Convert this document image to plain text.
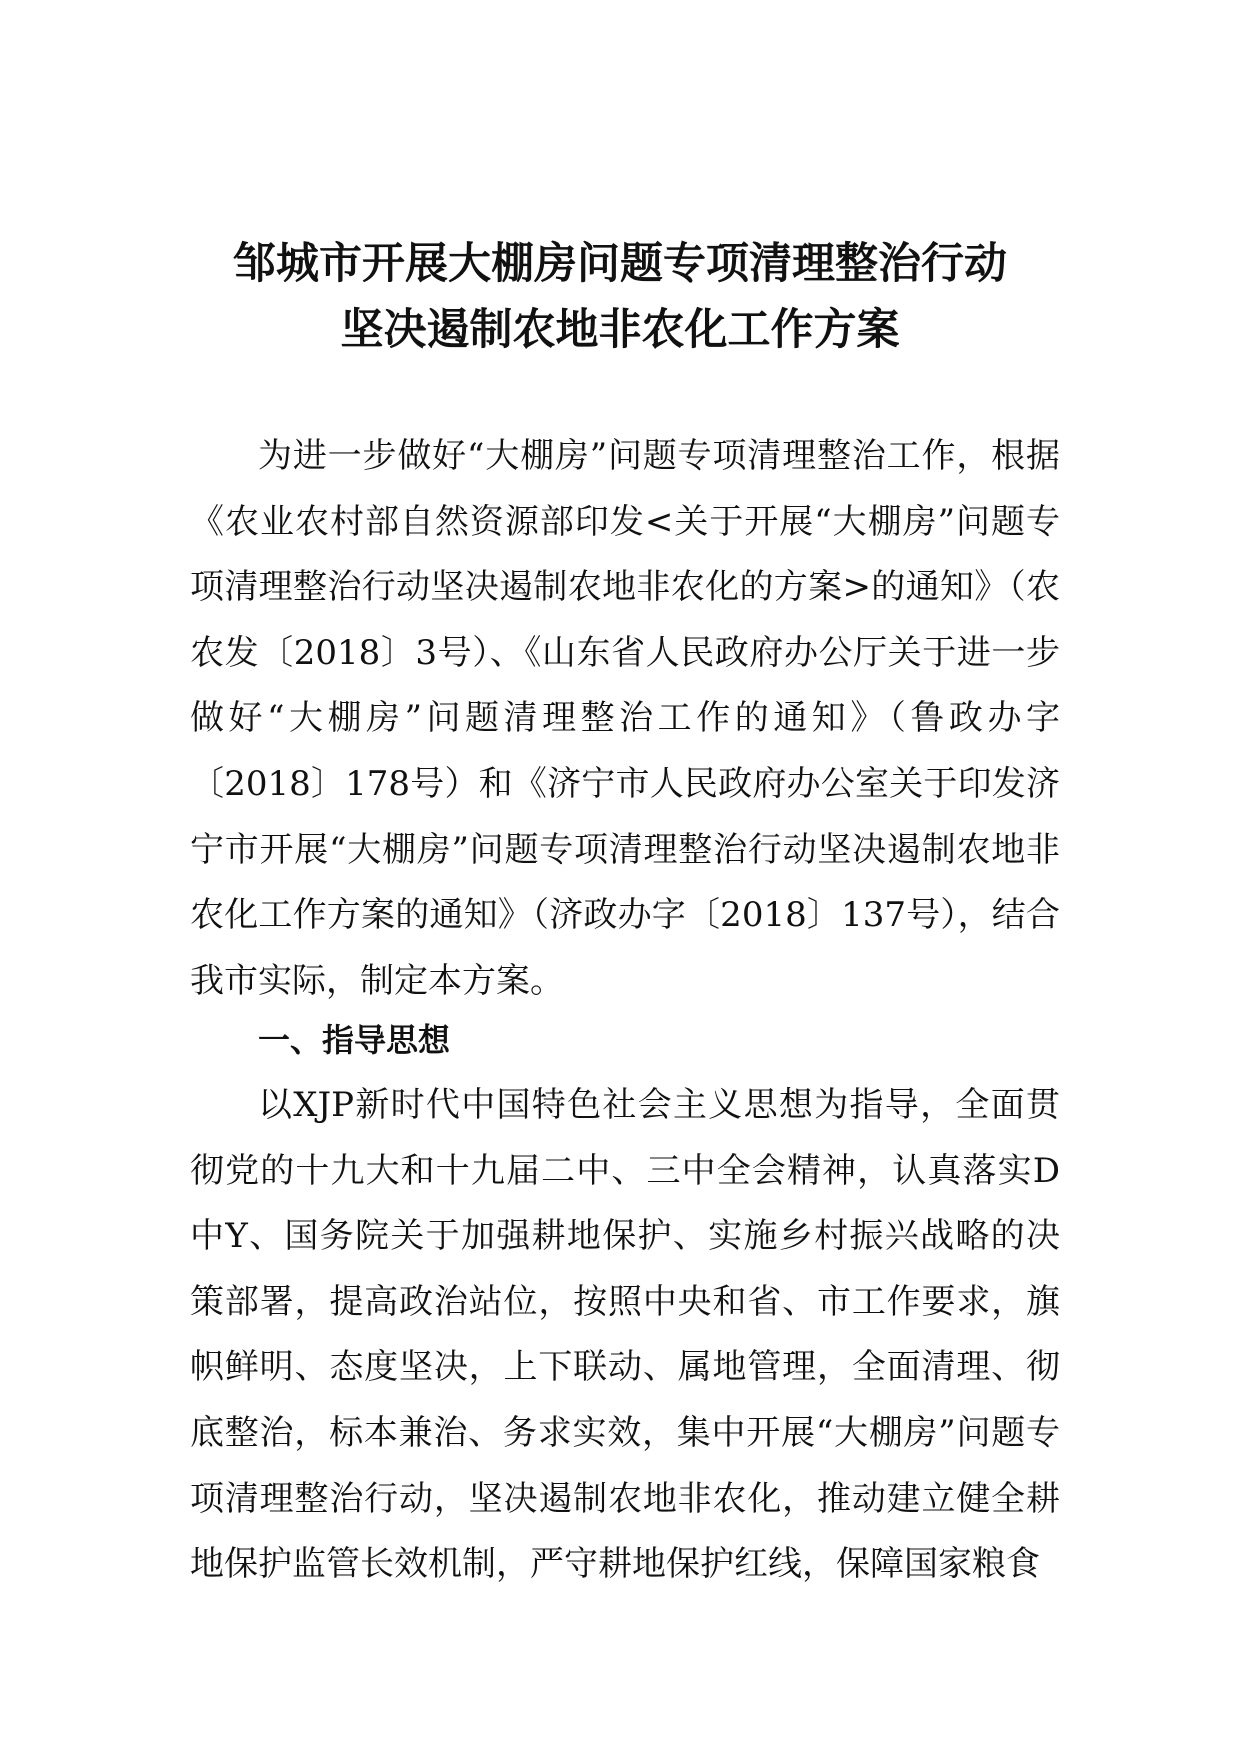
邹城市开展大棚房问题专项清理整治行动
坚决遏制农地非农化工作方案

为进一步做好“大棚房”问题专项清理整治工作，根据《农业农村部自然资源部印发<关于开展“大棚房”问题专项清理整治行动坚决遏制农地非农化的方案>的通知》（农农发〔2018〕3号）、《山东省人民政府办公厅关于进一步做好“大棚房”问题清理整治工作的通知》（鲁政办字〔2018〕178号）和《济宁市人民政府办公室关于印发济宁市开展“大棚房”问题专项清理整治行动坚决遏制农地非农化工作方案的通知》（济政办字〔2018〕137号），结合我市实际，制定本方案。

一、指导思想

以XJP新时代中国特色社会主义思想为指导，全面贯彻党的十九大和十九届二中、三中全会精神，认真落实D中Y、国务院关于加强耕地保护、实施乡村振兴战略的决策部署，提高政治站位，按照中央和省、市工作要求，旗帜鲜明、态度坚决，上下联动、属地管理，全面清理、彻底整治，标本兼治、务求实效，集中开展“大棚房”问题专项清理整治行动，坚决遏制农地非农化，推动建立健全耕地保护监管长效机制，严守耕地保护红线，保障国家粮食
